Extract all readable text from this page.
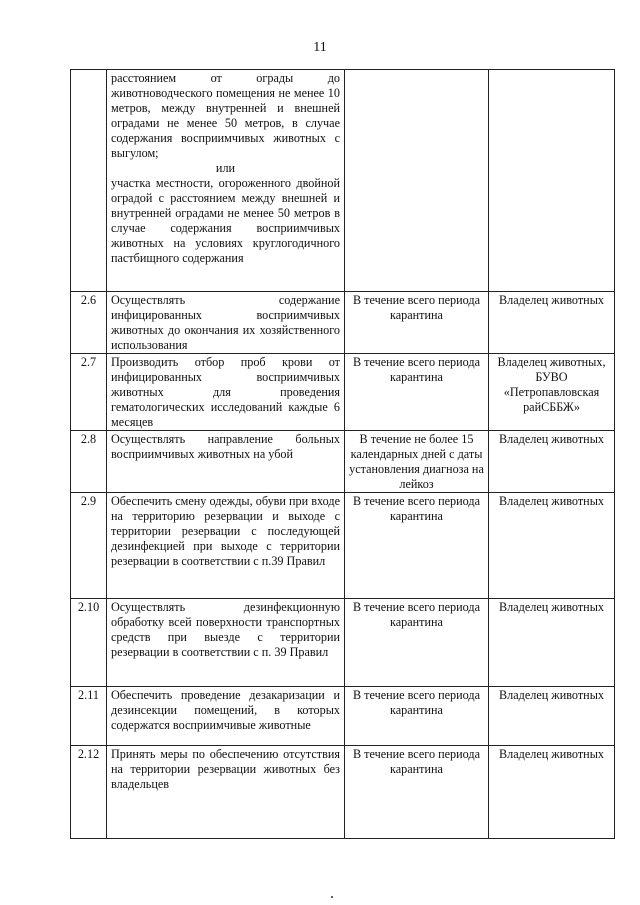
11

	расстоянием от ограды до животноводческого помещения не менее 10 метров, между внутренней и внешней оградами не менее 50 метров, в случае содержания восприимчивых животных с выгулом;
или
участка местности, огороженного двойной оградой с расстоянием между внешней и внутренней оградами не менее 50 метров в случае содержания восприимчивых животных на условиях круглогодичного пастбищного содержания		

2.6	Осуществлять содержание инфицированных восприимчивых животных до окончания их хозяйственного использования	В течение всего периода карантина	Владелец животных
2.7	Производить отбор проб крови от инфицированных восприимчивых животных для проведения гематологических исследований каждые 6 месяцев	В течение всего периода карантина	Владелец животных, БУВО «Петропавловская райСББЖ»
2.8	Осуществлять направление больных восприимчивых животных на убой	В течение не более 15 календарных дней с даты установления диагноза на лейкоз	Владелец животных
2.9	Обеспечить смену одежды, обуви при входе на территорию резервации и выходе с территории резервации с последующей дезинфекцией при выходе с территории резервации в соответствии с п.39 Правил	В течение всего периода карантина	Владелец животных
2.10	Осуществлять дезинфекционную обработку всей поверхности транспортных средств при выезде с территории резервации в соответствии с п. 39 Правил	В течение всего периода карантина	Владелец животных
2.11	Обеспечить проведение дезакаризации и дезинсекции помещений, в которых содержатся восприимчивые животные	В течение всего периода карантина	Владелец животных
2.12	Принять меры по обеспечению отсутствия на территории резервации животных без владельцев	В течение всего периода карантина	Владелец животных
